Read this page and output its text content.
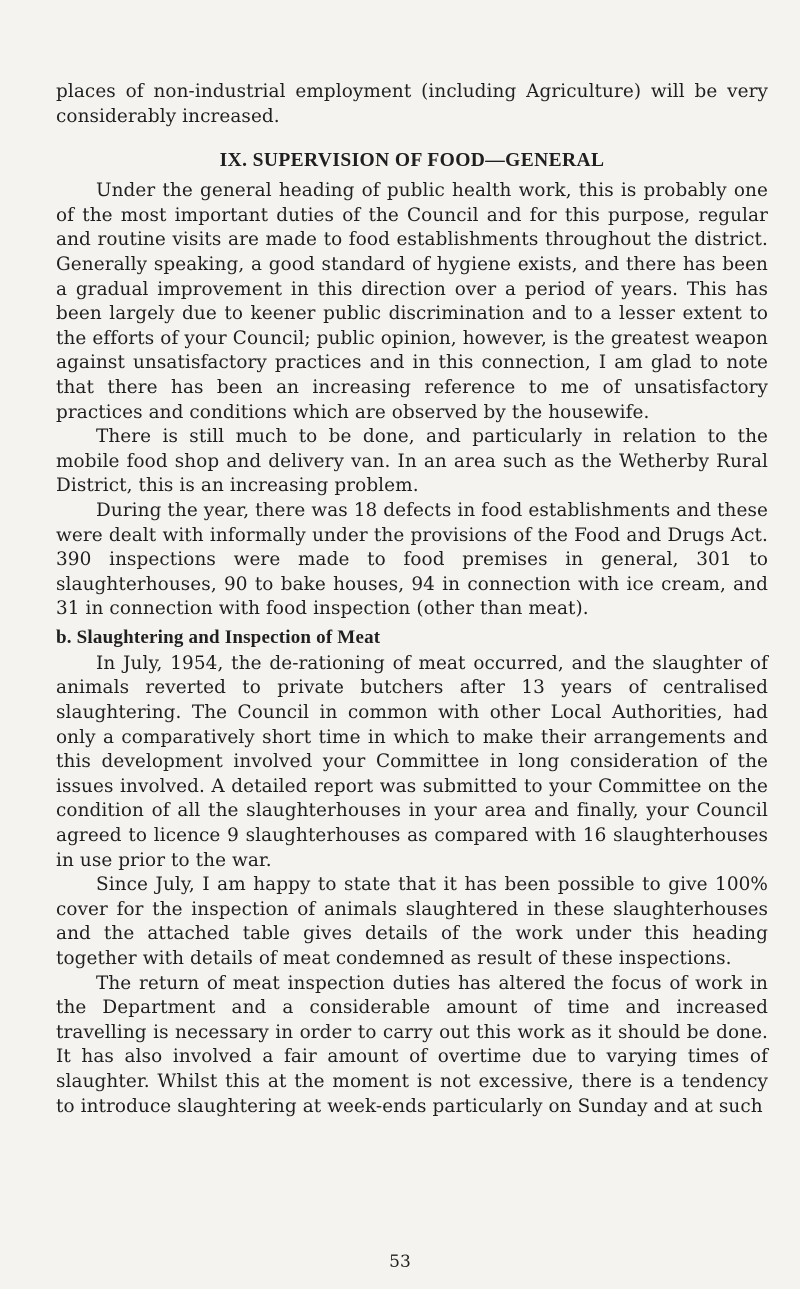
places of non-industrial employment (including Agriculture) will be very considerably increased.

IX. SUPERVISION OF FOOD—GENERAL

Under the general heading of public health work, this is probably one of the most important duties of the Council and for this purpose, regular and routine visits are made to food establishments throughout the district. Generally speaking, a good standard of hygiene exists, and there has been a gradual improvement in this direction over a period of years. This has been largely due to keener public discrimination and to a lesser extent to the efforts of your Council; public opinion, however, is the greatest weapon against unsatisfactory practices and in this connection, I am glad to note that there has been an increasing reference to me of unsatisfactory practices and conditions which are observed by the housewife.

There is still much to be done, and particularly in relation to the mobile food shop and delivery van. In an area such as the Wetherby Rural District, this is an increasing problem.

During the year, there was 18 defects in food establishments and these were dealt with informally under the provisions of the Food and Drugs Act. 390 inspections were made to food premises in general, 301 to slaughterhouses, 90 to bake houses, 94 in connection with ice cream, and 31 in connection with food inspection (other than meat).

b. Slaughtering and Inspection of Meat

In July, 1954, the de-rationing of meat occurred, and the slaughter of animals reverted to private butchers after 13 years of centralised slaughtering. The Council in common with other Local Authorities, had only a comparatively short time in which to make their arrangements and this development involved your Committee in long consideration of the issues involved. A detailed report was submitted to your Committee on the condition of all the slaughterhouses in your area and finally, your Council agreed to licence 9 slaughterhouses as compared with 16 slaughterhouses in use prior to the war.

Since July, I am happy to state that it has been possible to give 100% cover for the inspection of animals slaughtered in these slaughterhouses and the attached table gives details of the work under this heading together with details of meat condemned as result of these inspections.

The return of meat inspection duties has altered the focus of work in the Department and a considerable amount of time and increased travelling is necessary in order to carry out this work as it should be done. It has also involved a fair amount of overtime due to varying times of slaughter. Whilst this at the moment is not excessive, there is a tendency to introduce slaughtering at week-ends particularly on Sunday and at such

53
